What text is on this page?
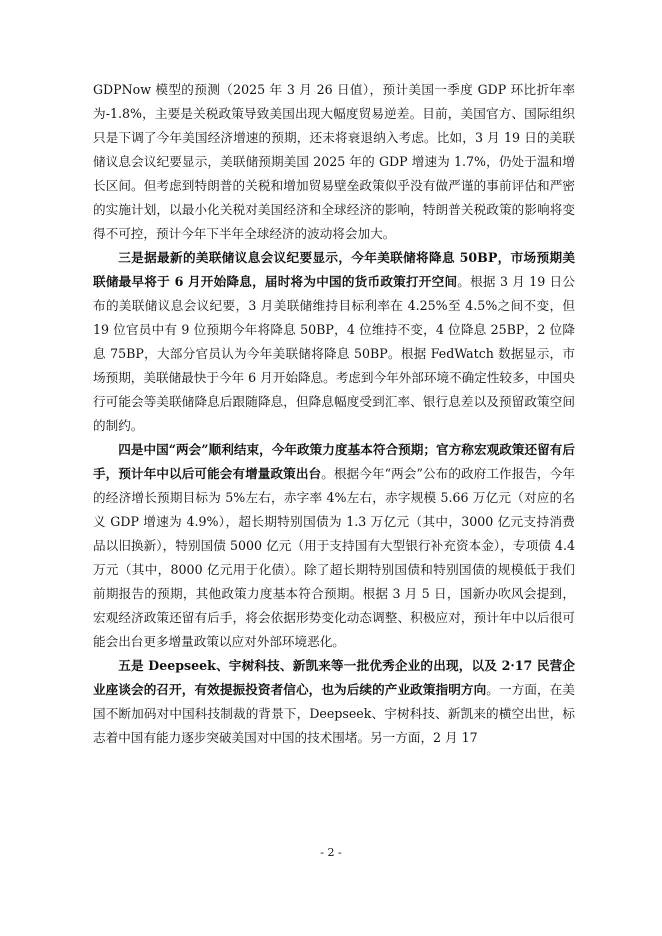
GDPNow 模型的预测（2025 年 3 月 26 日值），预计美国一季度 GDP 环比折年率为-1.8%，主要是关税政策导致美国出现大幅度贸易逆差。目前，美国官方、国际组织只是下调了今年美国经济增速的预期，还未将衰退纳入考虑。比如，3 月 19 日的美联储议息会议纪要显示，美联储预期美国 2025 年的 GDP 增速为 1.7%，仍处于温和增长区间。但考虑到特朗普的关税和增加贸易壁垒政策似乎没有做严谨的事前评估和严密的实施计划，以最小化关税对美国经济和全球经济的影响，特朗普关税政策的影响将变得不可控，预计今年下半年全球经济的波动将会加大。

三是据最新的美联储议息会议纪要显示，今年美联储将降息 50BP，市场预期美联储最早将于 6 月开始降息，届时将为中国的货币政策打开空间。根据 3 月 19 日公布的美联储议息会议纪要，3 月美联储维持目标利率在 4.25%至 4.5%之间不变，但 19 位官员中有 9 位预期今年将降息 50BP，4 位维持不变，4 位降息 25BP，2 位降息 75BP，大部分官员认为今年美联储将降息 50BP。根据 FedWatch 数据显示，市场预期，美联储最快于今年 6 月开始降息。考虑到今年外部环境不确定性较多，中国央行可能会等美联储降息后跟随降息，但降息幅度受到汇率、银行息差以及预留政策空间的制约。

四是中国“两会”顺利结束，今年政策力度基本符合预期；官方称宏观政策还留有后手，预计年中以后可能会有增量政策出台。根据今年“两会”公布的政府工作报告，今年的经济增长预期目标为 5%左右，赤字率 4%左右，赤字规模 5.66 万亿元（对应的名义 GDP 增速为 4.9%），超长期特别国债为 1.3 万亿元（其中，3000 亿元支持消费品以旧换新），特别国债 5000 亿元（用于支持国有大型银行补充资本金），专项债 4.4 万元（其中，8000 亿元用于化债）。除了超长期特别国债和特别国债的规模低于我们前期报告的预期，其他政策力度基本符合预期。根据 3 月 5 日，国新办吹风会提到，宏观经济政策还留有后手，将会依据形势变化动态调整、积极应对，预计年中以后很可能会出台更多增量政策以应对外部环境恶化。

五是 Deepseek、宇树科技、新凯来等一批优秀企业的出现，以及 2·17 民营企业座谈会的召开，有效提振投资者信心，也为后续的产业政策指明方向。一方面，在美国不断加码对中国科技制裁的背景下，Deepseek、宇树科技、新凯来的横空出世，标志着中国有能力逐步突破美国对中国的技术围堵。另一方面，2 月 17

- 2 -
